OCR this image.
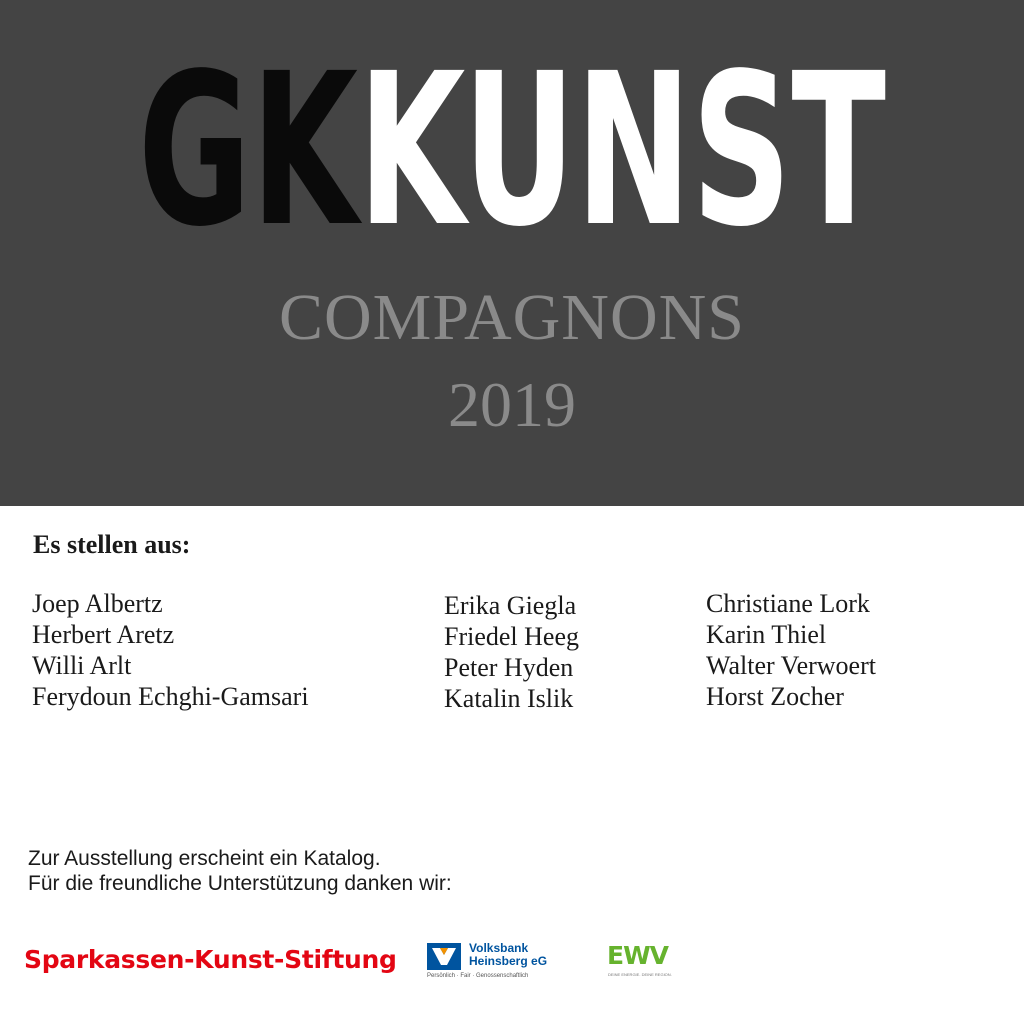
GK
KUNST
COMPAGNONS
2019
Es stellen aus:
Joep Albertz
Herbert Aretz
Willi Arlt
Ferydoun Echghi-Gamsari
Erika Giegla
Friedel Heeg
Peter Hyden
Katalin Islik
Christiane Lork
Karin Thiel
Walter Verwoert
Horst Zocher
Zur Ausstellung erscheint ein Katalog.
Für die freundliche Unterstützung danken wir:
Sparkassen-Kunst-Stiftung	Volksbank
Heinsberg eG
Persönlich · Fair · Genossenschaftlich
EWV
DEINE ENERGIE. DEINE REGION.
